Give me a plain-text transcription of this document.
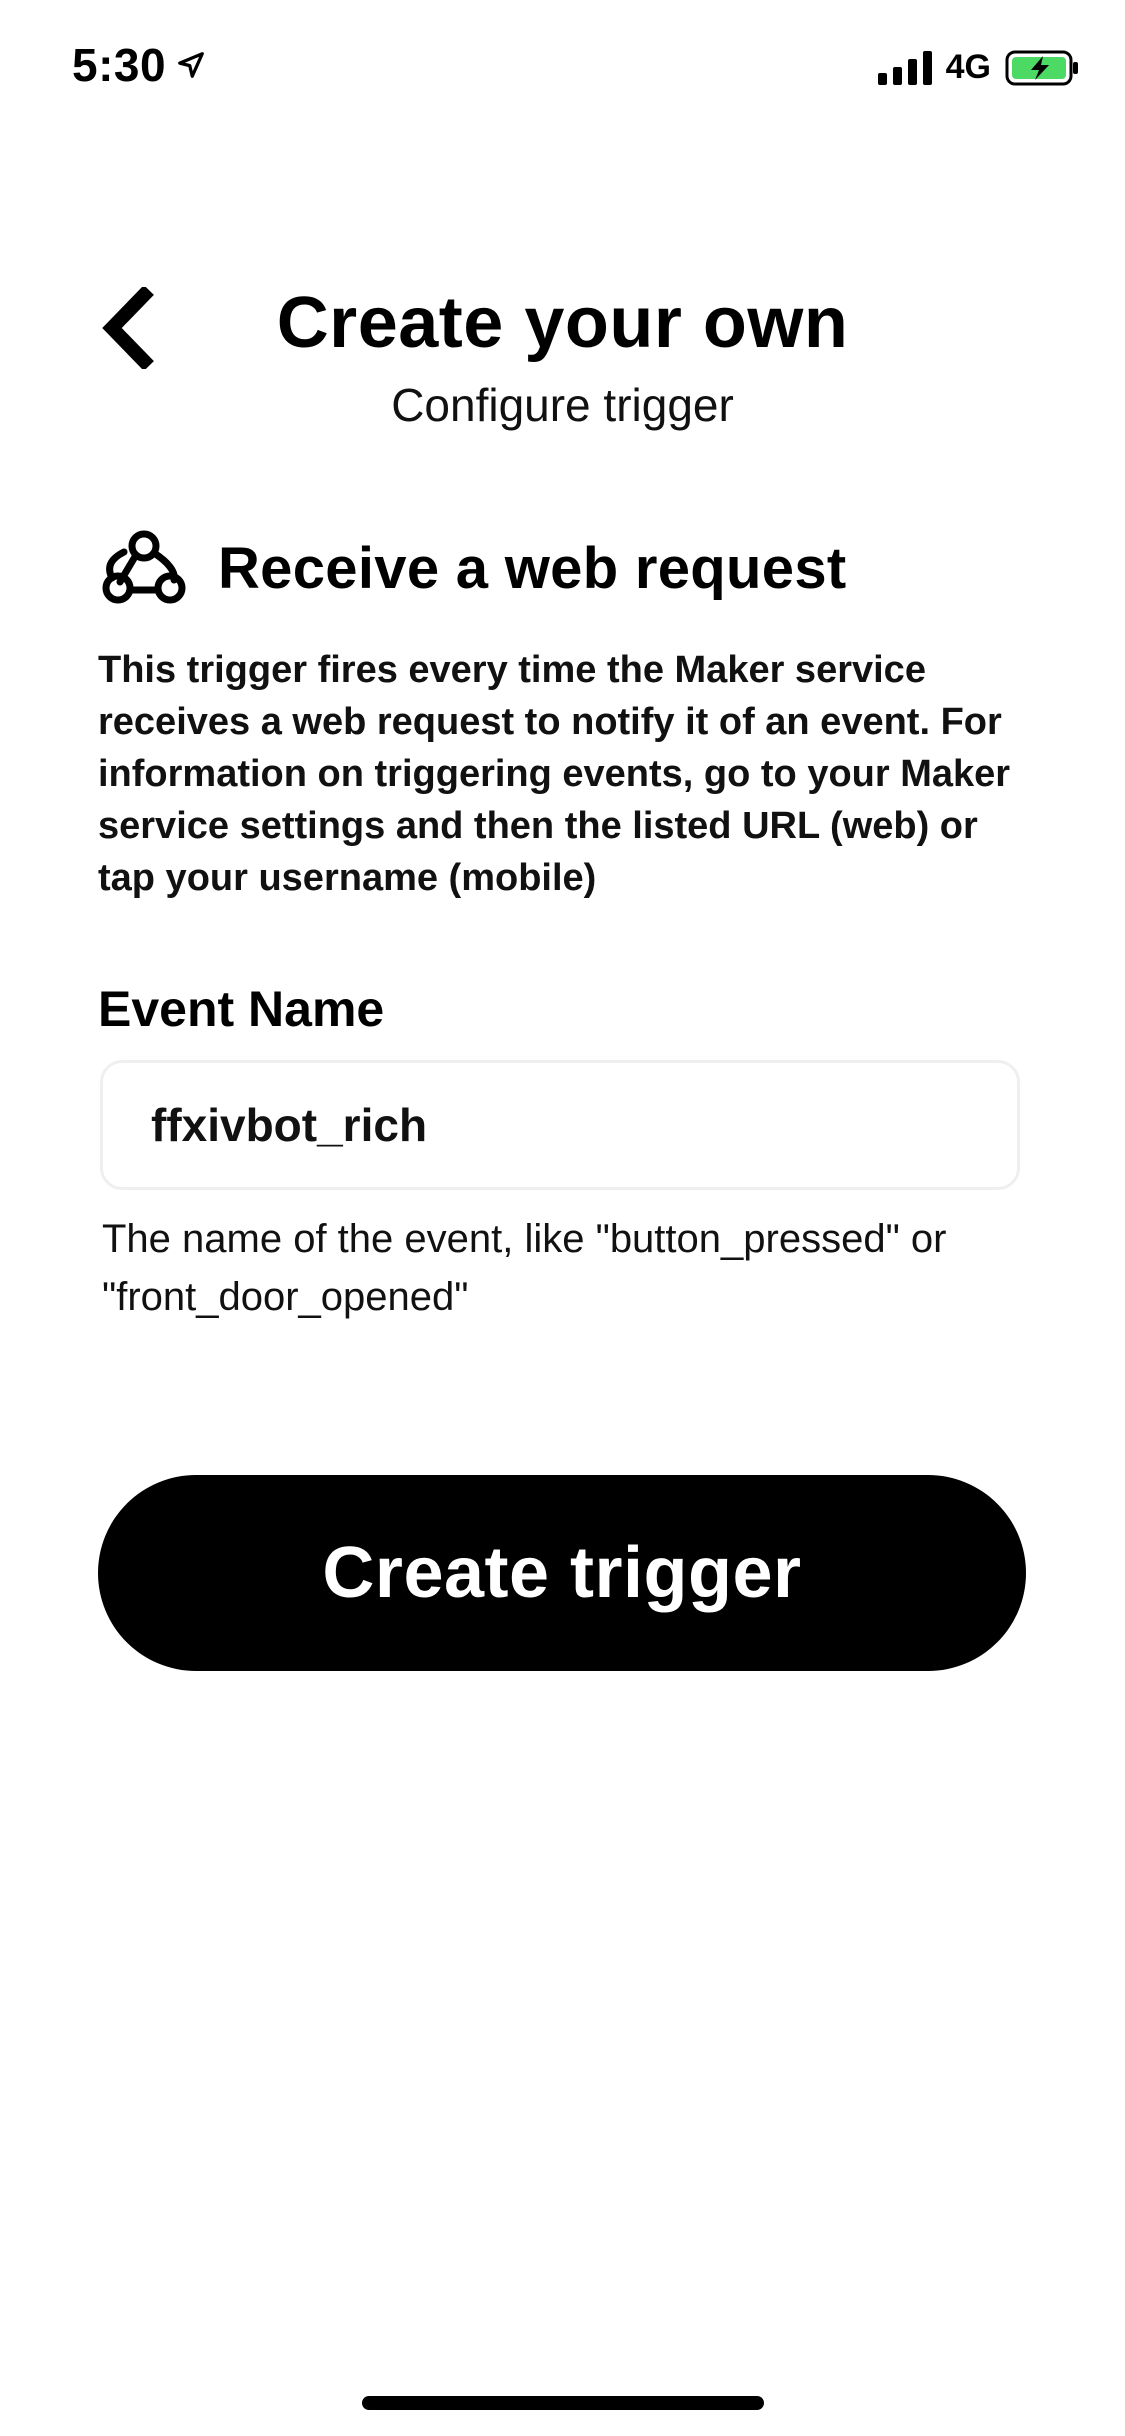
5:30	4G
Create your own
Configure trigger
Receive a web request
This trigger fires every time the Maker service receives a web request to notify it of an event. For information on triggering events, go to your Maker service settings and then the listed URL (web) or tap your username (mobile)
Event Name
ffxivbot_rich
The name of the event, like "button_pressed" or "front_door_opened"
Create trigger
